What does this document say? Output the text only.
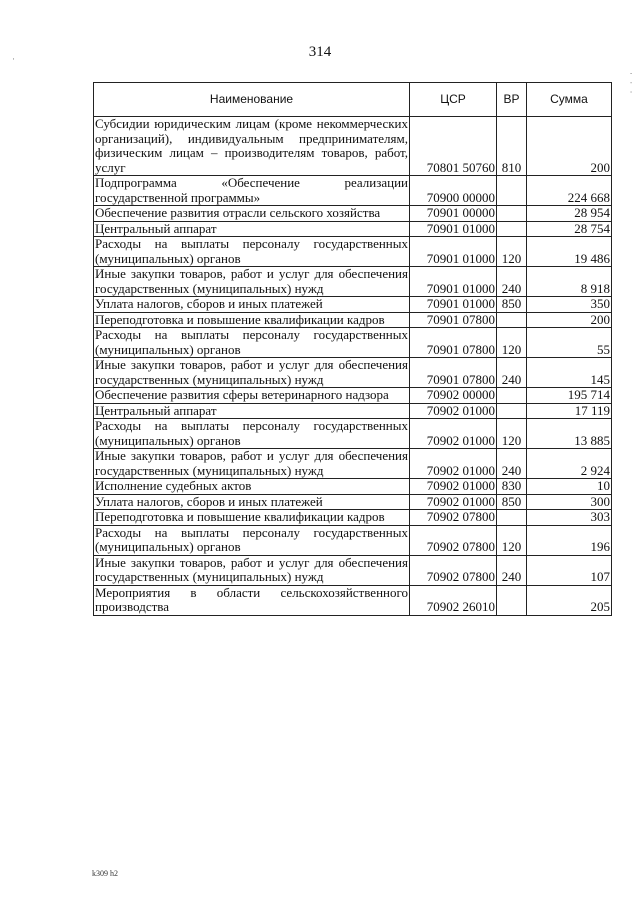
314
·
· · ·
Наименование	ЦСР	ВР	Сумма
Субсидии юридическим лицам (кроме некоммерческих организаций), индивидуальным предпринимателям, физическим лицам – производителям товаров, работ, услуг	70801 50760	810	200
Подпрограмма «Обеспечение реализации государственной программы»	70900 00000		224 668
Обеспечение развития отрасли сельского хозяйства	70901 00000		28 954
Центральный аппарат	70901 01000		28 754
Расходы на выплаты персоналу государственных (муниципальных) органов	70901 01000	120	19 486
Иные закупки товаров, работ и услуг для обеспечения государственных (муниципальных) нужд	70901 01000	240	8 918
Уплата налогов, сборов и иных платежей	70901 01000	850	350
Переподготовка и повышение квалификации кадров	70901 07800		200
Расходы на выплаты персоналу государственных (муниципальных) органов	70901 07800	120	55
Иные закупки товаров, работ и услуг для обеспечения государственных (муниципальных) нужд	70901 07800	240	145
Обеспечение развития сферы ветеринарного надзора	70902 00000		195 714
Центральный аппарат	70902 01000		17 119
Расходы на выплаты персоналу государственных (муниципальных) органов	70902 01000	120	13 885
Иные закупки товаров, работ и услуг для обеспечения государственных (муниципальных) нужд	70902 01000	240	2 924
Исполнение судебных актов	70902 01000	830	10
Уплата налогов, сборов и иных платежей	70902 01000	850	300
Переподготовка и повышение квалификации кадров	70902 07800		303
Расходы на выплаты персоналу государственных (муниципальных) органов	70902 07800	120	196
Иные закупки товаров, работ и услуг для обеспечения государственных (муниципальных) нужд	70902 07800	240	107
Мероприятия в области сельскохозяйственного производства	70902 26010		205
k309 h2
